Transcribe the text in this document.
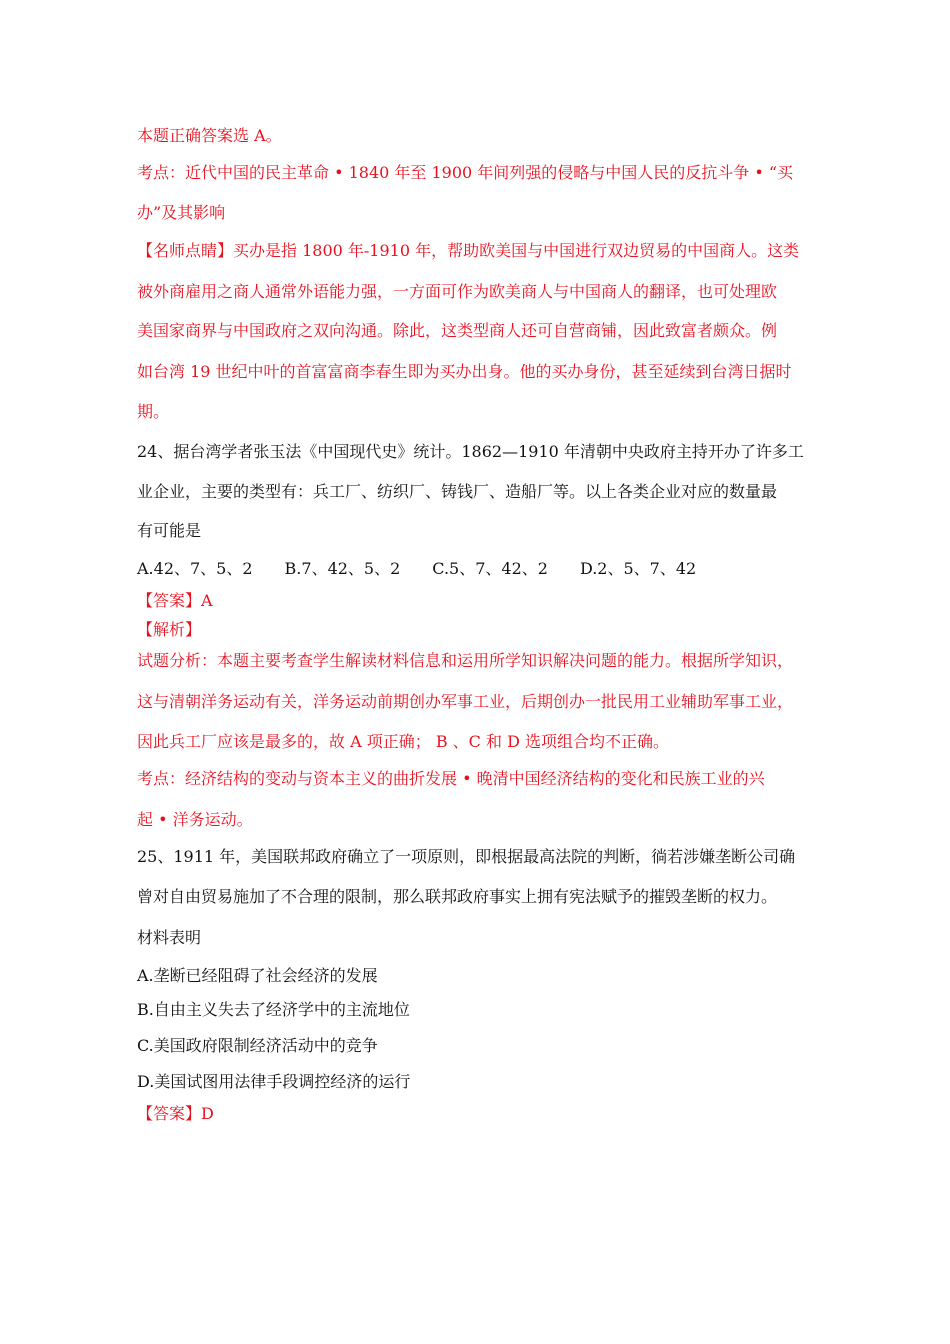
本题正确答案选 A。
考点：近代中国的民主革命 • 1840 年至 1900 年间列强的侵略与中国人民的反抗斗争 • “买
办”及其影响
【名师点睛】买办是指 1800 年-1910 年，帮助欧美国与中国进行双边贸易的中国商人。这类
被外商雇用之商人通常外语能力强，一方面可作为欧美商人与中国商人的翻译，也可处理欧
美国家商界与中国政府之双向沟通。除此，这类型商人还可自营商铺，因此致富者颇众。例
如台湾 19 世纪中叶的首富富商李春生即为买办出身。他的买办身份，甚至延续到台湾日据时
期。
24、据台湾学者张玉法《中国现代史》统计。1862—1910 年清朝中央政府主持开办了许多工
业企业，主要的类型有：兵工厂、纺织厂、铸钱厂、造船厂等。以上各类企业对应的数量最
有可能是
A.42、7、5、2　　B.7、42、5、2　　C.5、7、42、2　　D.2、5、7、42
【答案】A
【解析】
试题分析：本题主要考查学生解读材料信息和运用所学知识解决问题的能力。根据所学知识，
这与清朝洋务运动有关，洋务运动前期创办军事工业，后期创办一批民用工业辅助军事工业，
因此兵工厂应该是最多的，故 A 项正确； B 、C 和 D 选项组合均不正确。
考点：经济结构的变动与资本主义的曲折发展 • 晚清中国经济结构的变化和民族工业的兴
起 • 洋务运动。
25、1911 年，美国联邦政府确立了一项原则，即根据最高法院的判断，徜若涉嫌垄断公司确
曾对自由贸易施加了不合理的限制，那么联邦政府事实上拥有宪法赋予的摧毁垄断的权力。
材料表明
A.垄断已经阻碍了社会经济的发展
B.自由主义失去了经济学中的主流地位
C.美国政府限制经济活动中的竞争
D.美国试图用法律手段调控经济的运行
【答案】D
